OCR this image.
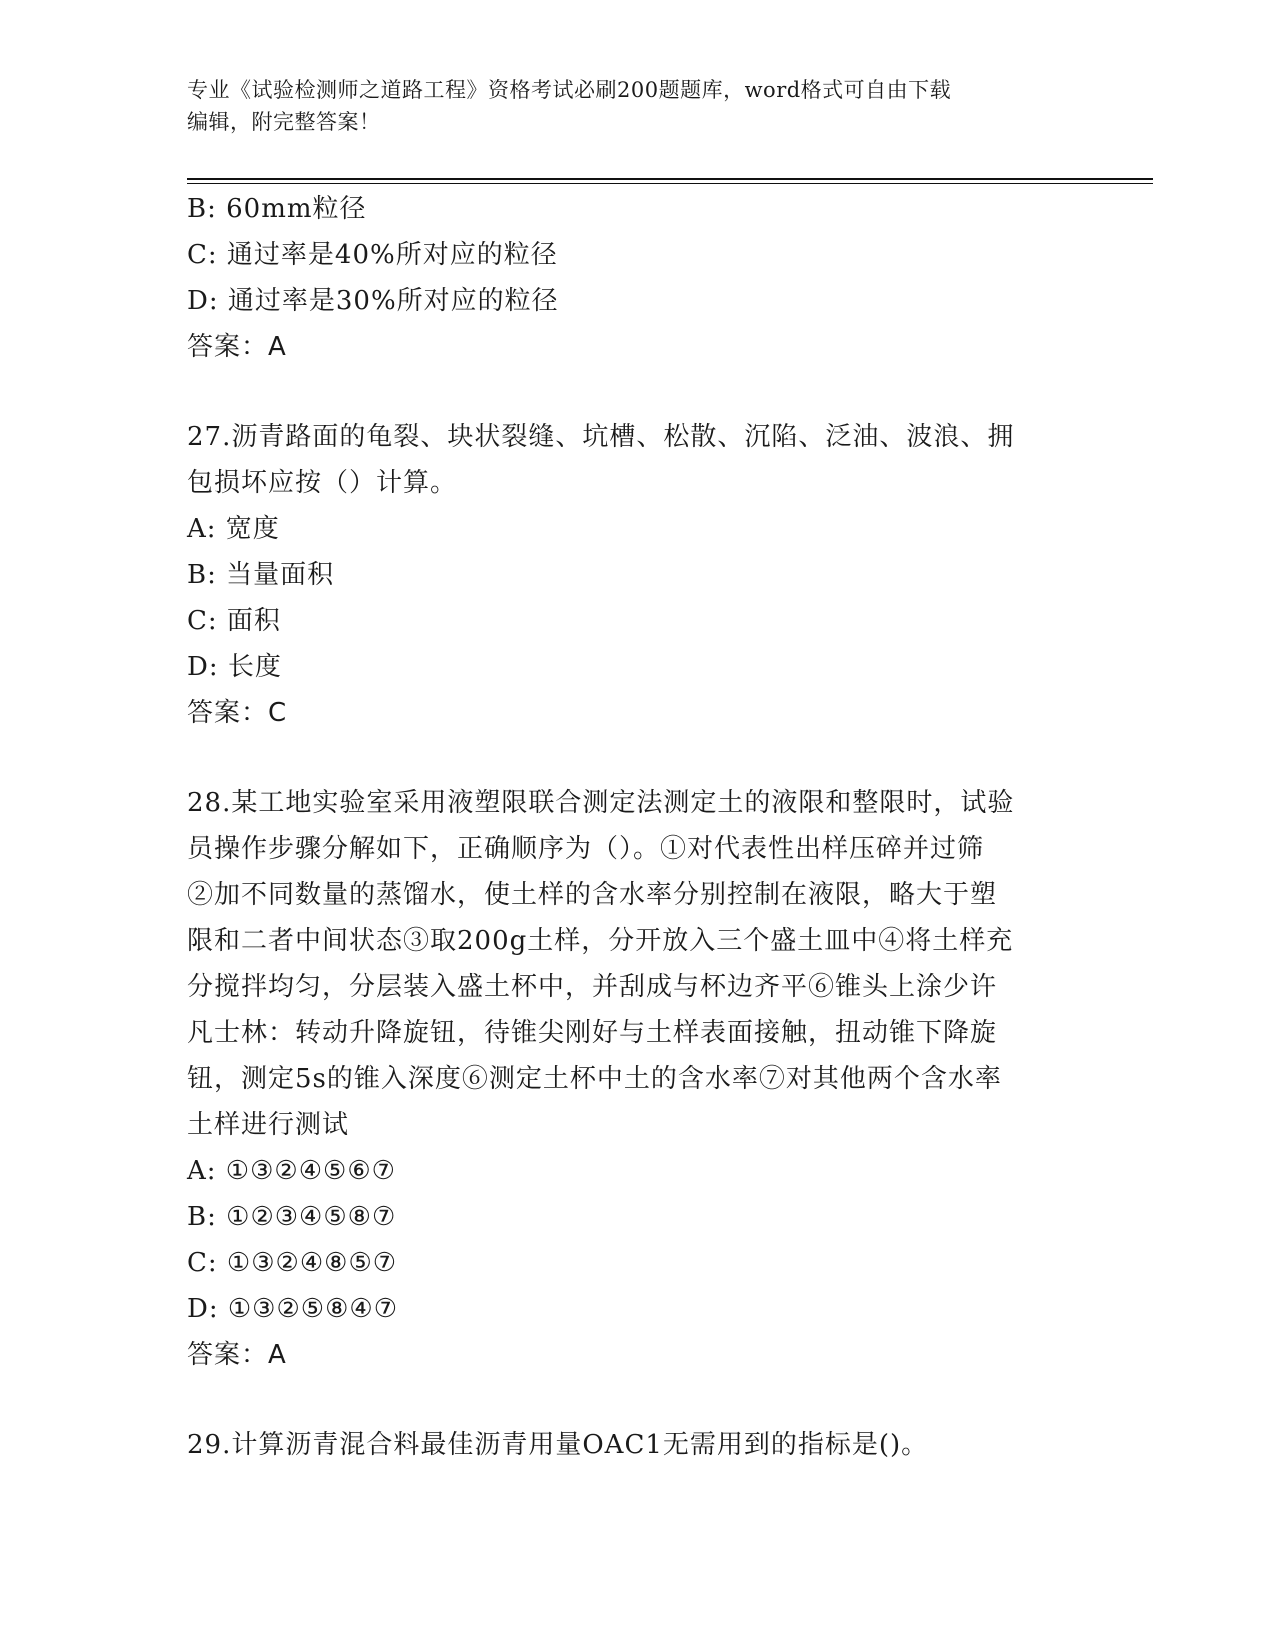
专业《试验检测师之道路工程》资格考试必刷200题题库，word格式可自由下载
编辑，附完整答案！
B: 60mm粒径
C: 通过率是40%所对应的粒径
D: 通过率是30%所对应的粒径
答案：A
27.沥青路面的龟裂、块状裂缝、坑槽、松散、沉陷、泛油、波浪、拥
包损坏应按（）计算。
A: 宽度
B: 当量面积
C: 面积
D: 长度
答案：C
28.某工地实验室采用液塑限联合测定法测定土的液限和整限时，试验
员操作步骤分解如下，正确顺序为（）。①对代表性出样压碎并过筛
②加不同数量的蒸馏水，使土样的含水率分别控制在液限，略大于塑
限和二者中间状态③取200g土样，分开放入三个盛土皿中④将土样充
分搅拌均匀，分层装入盛土杯中，并刮成与杯边齐平⑥锥头上涂少许
凡士林：转动升降旋钮，待锥尖刚好与土样表面接触，扭动锥下降旋
钮，测定5s的锥入深度⑥测定土杯中土的含水率⑦对其他两个含水率
土样进行测试
A: ①③②④⑤⑥⑦
B: ①②③④⑤⑧⑦
C: ①③②④⑧⑤⑦
D: ①③②⑤⑧④⑦
答案：A
29.计算沥青混合料最佳沥青用量OAC1无需用到的指标是()。
